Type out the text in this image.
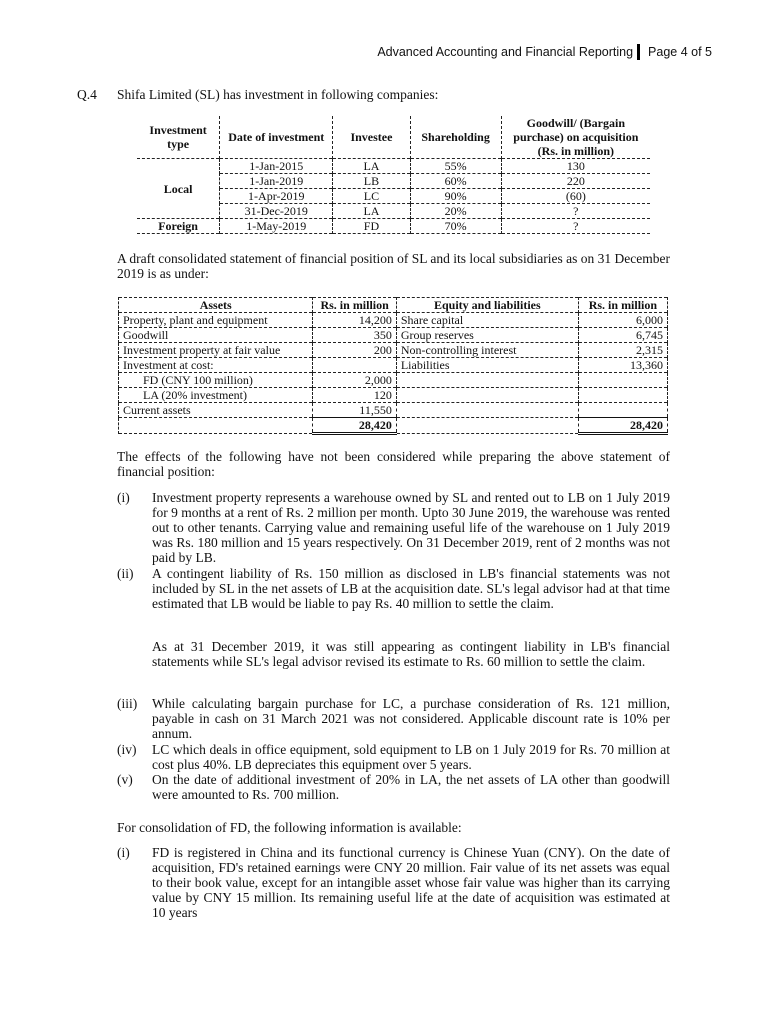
Advanced Accounting and Financial Reporting Page 4 of 5
Q.4 Shifa Limited (SL) has investment in following companies:
Investment type	Date of investment	Investee	Shareholding	Goodwill/ (Bargain purchase) on acquisition (Rs. in million)
Local	1-Jan-2015	LA	55%	130
	1-Jan-2019	LB	60%	220
	1-Apr-2019	LC	90%	(60)
	31-Dec-2019	LA	20%	?
Foreign	1-May-2019	FD	70%	?
A draft consolidated statement of financial position of SL and its local subsidiaries as on 31 December 2019 is as under:
Assets	Rs. in million	Equity and liabilities	Rs. in million
Property, plant and equipment	14,200	Share capital	6,000
Goodwill	350	Group reserves	6,745
Investment property at fair value	200	Non-controlling interest	2,315
Investment at cost:		Liabilities	13,360
FD (CNY 100 million)	2,000		
LA (20% investment)	120		
Current assets	11,550		
	28,420		28,420
The effects of the following have not been considered while preparing the above statement of financial position:
(i) Investment property represents a warehouse owned by SL and rented out to LB on 1 July 2019 for 9 months at a rent of Rs. 2 million per month. Upto 30 June 2019, the warehouse was rented out to other tenants. Carrying value and remaining useful life of the warehouse on 1 July 2019 was Rs. 180 million and 15 years respectively. On 31 December 2019, rent of 2 months was not paid by LB.
(ii) A contingent liability of Rs. 150 million as disclosed in LB's financial statements was not included by SL in the net assets of LB at the acquisition date. SL's legal advisor had at that time estimated that LB would be liable to pay Rs. 40 million to settle the claim.
As at 31 December 2019, it was still appearing as contingent liability in LB's financial statements while SL's legal advisor revised its estimate to Rs. 60 million to settle the claim.
(iii) While calculating bargain purchase for LC, a purchase consideration of Rs. 121 million, payable in cash on 31 March 2021 was not considered. Applicable discount rate is 10% per annum.
(iv) LC which deals in office equipment, sold equipment to LB on 1 July 2019 for Rs. 70 million at cost plus 40%. LB depreciates this equipment over 5 years.
(v) On the date of additional investment of 20% in LA, the net assets of LA other than goodwill were amounted to Rs. 700 million.
For consolidation of FD, the following information is available:
(i) FD is registered in China and its functional currency is Chinese Yuan (CNY). On the date of acquisition, FD's retained earnings were CNY 20 million. Fair value of its net assets was equal to their book value, except for an intangible asset whose fair value was higher than its carrying value by CNY 15 million. Its remaining useful life at the date of acquisition was estimated at 10 years
